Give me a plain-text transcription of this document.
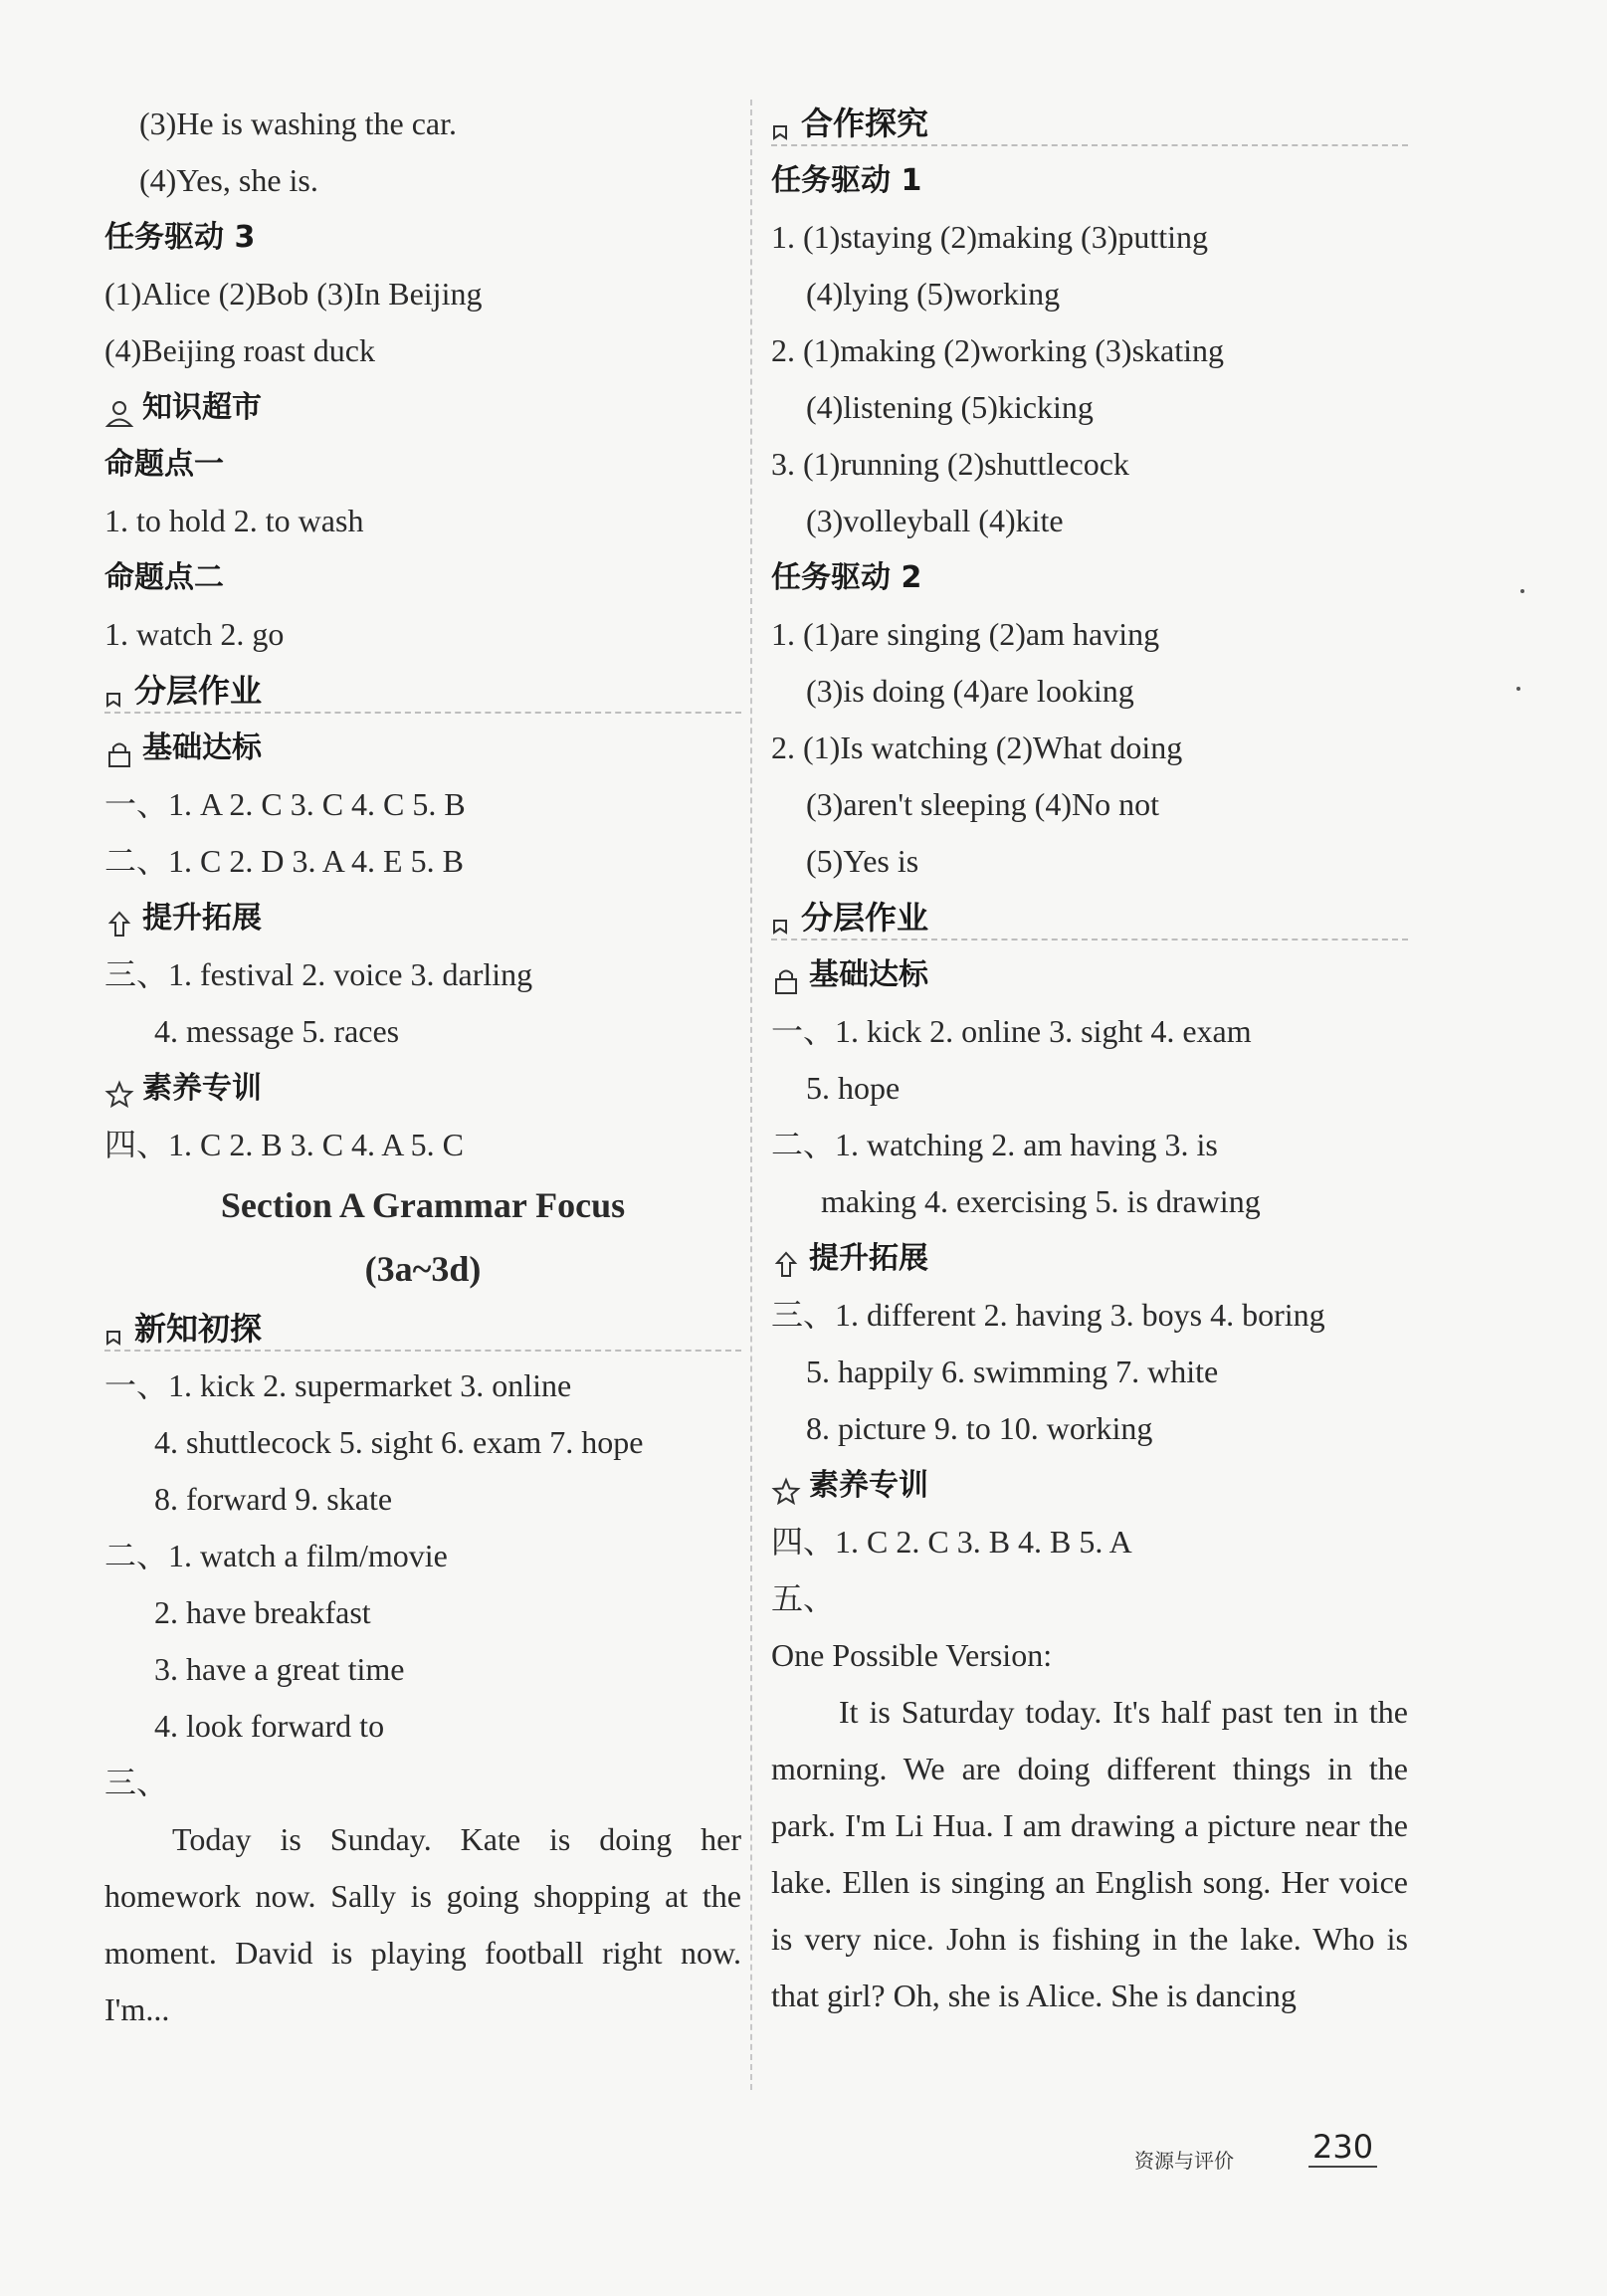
(3)He is washing the car.
(4)Yes, she is.
任务驱动 3
(1)Alice (2)Bob (3)In Beijing
(4)Beijing roast duck
知识超市
命题点一
1. to hold 2. to wash
命题点二
1. watch 2. go
分层作业
基础达标
一、1. A 2. C 3. C 4. C 5. B
二、1. C 2. D 3. A 4. E 5. B
提升拓展
三、1. festival 2. voice 3. darling
4. message 5. races
素养专训
四、1. C 2. B 3. C 4. A 5. C
Section A Grammar Focus
(3a~3d)
新知初探
一、1. kick 2. supermarket 3. online
4. shuttlecock 5. sight 6. exam 7. hope
8. forward 9. skate
二、1. watch a film/movie
2. have breakfast
3. have a great time
4. look forward to
三、
Today is Sunday. Kate is doing her homework now. Sally is going shopping at the moment. David is playing football right now. I'm...
合作探究
任务驱动 1
1. (1)staying (2)making (3)putting
(4)lying (5)working
2. (1)making (2)working (3)skating
(4)listening (5)kicking
3. (1)running (2)shuttlecock
(3)volleyball (4)kite
任务驱动 2
1. (1)are singing (2)am having
(3)is doing (4)are looking
2. (1)Is watching (2)What doing
(3)aren't sleeping (4)No not
(5)Yes is
分层作业
基础达标
一、1. kick 2. online 3. sight 4. exam
5. hope
二、1. watching 2. am having 3. is
making 4. exercising 5. is drawing
提升拓展
三、1. different 2. having 3. boys 4. boring
5. happily 6. swimming 7. white
8. picture 9. to 10. working
素养专训
四、1. C 2. C 3. B 4. B 5. A
五、
One Possible Version:
It is Saturday today. It's half past ten in the morning. We are doing different things in the park. I'm Li Hua. I am drawing a picture near the lake. Ellen is singing an English song. Her voice is very nice. John is fishing in the lake. Who is that girl? Oh, she is Alice. She is dancing
资源与评价 230
